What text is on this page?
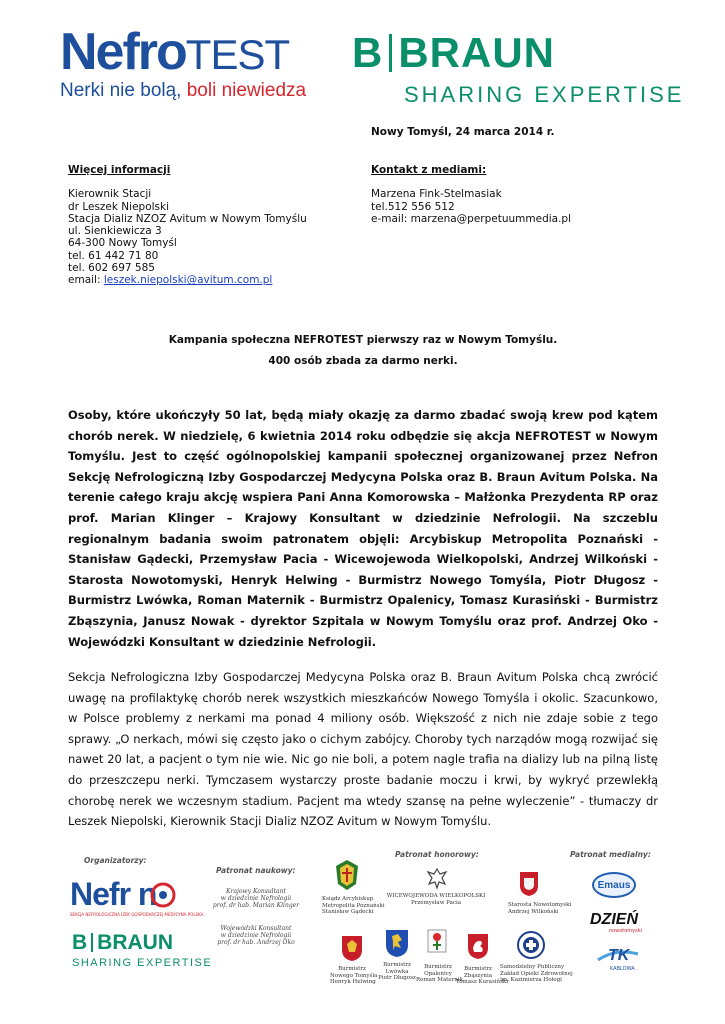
NefroTEST
Nerki nie bolą, boli niewiedza
B BRAUN
SHARING EXPERTISE
Nowy Tomyśl, 24 marca 2014 r.
Więcej informacji
Kierownik Stacji
dr Leszek Niepolski
Stacja Dializ NZOZ Avitum w Nowym Tomyślu
ul. Sienkiewicza 3
64-300 Nowy Tomyśl
tel. 61 442 71 80
tel. 602 697 585
email: leszek.niepolski@avitum.com.pl
Kontakt z mediami:
Marzena Fink-Stelmasiak
tel.512 556 512
e-mail: marzena@perpetuummedia.pl
Kampania społeczna NEFROTEST pierwszy raz w Nowym Tomyślu.
400 osób zbada za darmo nerki.

Osoby, które ukończyły 50 lat, będą miały okazję za darmo zbadać swoją krew pod kątem chorób nerek. W niedzielę, 6 kwietnia 2014 roku odbędzie się akcja NEFROTEST w Nowym Tomyślu. Jest to część ogólnopolskiej kampanii społecznej organizowanej przez Nefron Sekcję Nefrologiczną Izby Gospodarczej Medycyna Polska oraz B. Braun Avitum Polska. Na terenie całego kraju akcję wspiera Pani Anna Komorowska – Małżonka Prezydenta RP oraz prof. Marian Klinger – Krajowy Konsultant w dziedzinie Nefrologii. Na szczeblu regionalnym badania swoim patronatem objęli: Arcybiskup Metropolita Poznański - Stanisław Gądecki, Przemysław Pacia - Wicewojewoda Wielkopolski, Andrzej Wilkoński - Starosta Nowotomyski, Henryk Helwing - Burmistrz Nowego Tomyśla, Piotr Długosz - Burmistrz Lwówka, Roman Maternik - Burmistrz Opalenicy, Tomasz Kurasiński - Burmistrz Zbąszynia, Janusz Nowak - dyrektor Szpitala w Nowym Tomyślu oraz prof. Andrzej Oko - Wojewódzki Konsultant w dziedzinie Nefrologii.

Sekcja Nefrologiczna Izby Gospodarczej Medycyna Polska oraz B. Braun Avitum Polska chcą zwrócić uwagę na profilaktykę chorób nerek wszystkich mieszkańców Nowego Tomyśla i okolic. Szacunkowo, w Polsce problemy z nerkami ma ponad 4 miliony osób. Większość z nich nie zdaje sobie z tego sprawy. „O nerkach, mówi się często jako o cichym zabójcy. Choroby tych narządów mogą rozwijać się nawet 20 lat, a pacjent o tym nie wie. Nic go nie boli, a potem nagle trafia na dializy lub na pilną listę do przeszczepu nerki. Tymczasem wystarczy proste badanie moczu i krwi, by wykryć przewlekłą chorobę nerek we wczesnym stadium. Pacjent ma wtedy szansę na pełne wyleczenie” - tłumaczy dr Leszek Niepolski, Kierownik Stacji Dializ NZOZ Avitum w Nowym Tomyślu.

Organizatorzy:
Nefr n
SEKCJA NEFROLOGICZNA IZBY GOSPODARCZEJ MEDYCYNA POLSKA
B BRAUN
SHARING EXPERTISE
Patronat naukowy:
Krajowy Konsultant
w dziedzinie Nefrologii
prof. dr hab. Marian Klinger
Wojewódzki Konsultant
w dziedzinie Nefrologii
prof. dr hab. Andrzej Oko
Patronat honorowy:
Ksiądz Arcybiskup
Metropolita Poznański
Stanisław Gądecki
WICEWOJEWODA WIELKOPOLSKI
Przemysław Pacia	Starosta Nowotomyski
Andrzej Wilkoński
Burmistrz
Nowego Tomyśla
Henryk Helwing
Burmistrz
Lwówka
Piotr Długosz
Burmistrz
Opalenicy
Roman Maternik
Burmistrz
Zbąszynia
Tomasz Kurasiński
Samodzielny Publiczny
Zakład Opieki Zdrowotnej
im. Kazimierza Hołogi
Patronat medialny:
Emaus
DZIEŃ
nowotomyski
TK
KABLOWA
